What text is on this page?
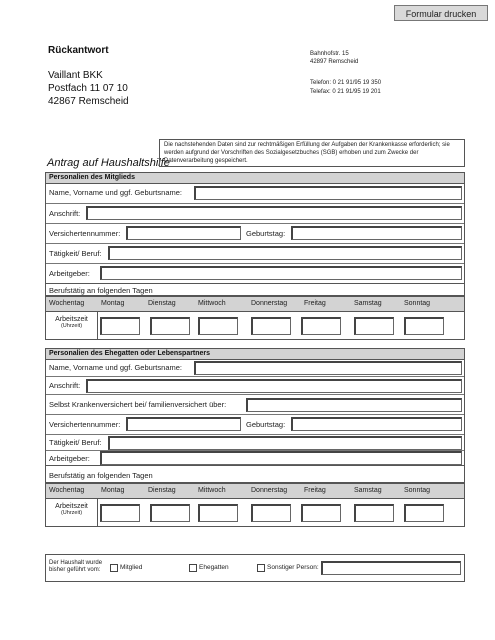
Formular drucken
Rückantwort
Vaillant BKK
Postfach 11 07 10
42867 Remscheid
Bahnhofstr. 15
42897 Remscheid
Telefon: 0 21 91/95 19 350
Telefax: 0 21 91/95 19 201
Antrag auf Haushaltshilfe
Die nachstehenden Daten sind zur rechtmäßigen Erfüllung der Aufgaben der Krankenkasse erforderlich; sie werden aufgrund der Vorschriften des Sozialgesetzbuches (SGB) erhoben und zum Zwecke der Datenverarbeitung gespeichert.
Personalien des Mitglieds
Name, Vorname und ggf. Geburtsname:
Anschrift:
Versichertennummer:	Geburtstag:
Tätigkeit/ Beruf:
Arbeitgeber:
Berufstätig an folgenden Tagen
Wochentag Montag	Dienstag	Mittwoch	Donnerstag Freitag	Samstag	Sonntag
Arbeitszeit
(Uhrzeit)
Personalien des Ehegatten oder Lebenspartners
Name, Vorname und ggf. Geburtsname:
Anschrift:
Selbst Krankenversichert bei/ familienversichert über:
Versichertennummer:	Geburtstag:
Tätigkeit/ Beruf:
Arbeitgeber:
Berufstätig an folgenden Tagen
Wochentag Montag	Dienstag	Mittwoch	Donnerstag Freitag	Samstag	Sonntag
Arbeitszeit
(Uhrzeit)
Der Haushalt wurde bisher geführt vom:	Mitglied	Ehegatten	Sonstiger Person:
